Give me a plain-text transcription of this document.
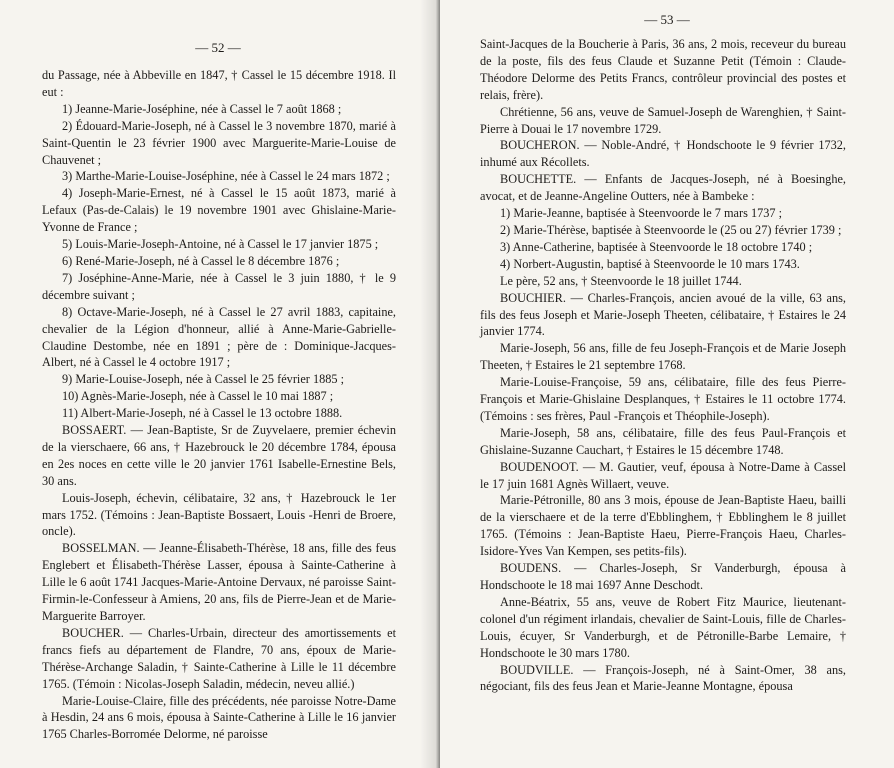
— 52 —

du Passage, née à Abbeville en 1847, † Cassel le 15 décembre 1918. Il eut :

1) Jeanne-Marie-Joséphine, née à Cassel le 7 août 1868 ;

2) Édouard-Marie-Joseph, né à Cassel le 3 novembre 1870, marié à Saint-Quentin le 23 février 1900 avec Marguerite-Marie-Louise de Chauvenet ;

3) Marthe-Marie-Louise-Joséphine, née à Cassel le 24 mars 1872 ;

4) Joseph-Marie-Ernest, né à Cassel le 15 août 1873, marié à Lefaux (Pas-de-Calais) le 19 novembre 1901 avec Ghislaine-Marie-Yvonne de France ;

5) Louis-Marie-Joseph-Antoine, né à Cassel le 17 janvier 1875 ;

6) René-Marie-Joseph, né à Cassel le 8 décembre 1876 ;

7) Joséphine-Anne-Marie, née à Cassel le 3 juin 1880, † le 9 décembre suivant ;

8) Octave-Marie-Joseph, né à Cassel le 27 avril 1883, capitaine, chevalier de la Légion d'honneur, allié à Anne-Marie-Gabrielle-Claudine Destombe, née en 1891 ; père de : Dominique-Jacques-Albert, né à Cassel le 4 octobre 1917 ;

9) Marie-Louise-Joseph, née à Cassel le 25 février 1885 ;

10) Agnès-Marie-Joseph, née à Cassel le 10 mai 1887 ;

11) Albert-Marie-Joseph, né à Cassel le 13 octobre 1888.

BOSSAERT. — Jean-Baptiste, Sr de Zuyvelaere, premier échevin de la vierschaere, 66 ans, † Hazebrouck le 20 décembre 1784, épousa en 2es noces en cette ville le 20 janvier 1761 Isabelle-Ernestine Bels, 30 ans.

Louis-Joseph, échevin, célibataire, 32 ans, † Hazebrouck le 1er mars 1752. (Témoins : Jean-Baptiste Bossaert, Louis -Henri de Broere, oncle).

BOSSELMAN. — Jeanne-Élisabeth-Thérèse, 18 ans, fille des feus Englebert et Élisabeth-Thérèse Lasser, épousa à Sainte-Catherine à Lille le 6 août 1741 Jacques-Marie-Antoine Dervaux, né paroisse Saint-Firmin-le-Confesseur à Amiens, 20 ans, fils de Pierre-Jean et de Marie-Marguerite Barroyer.

BOUCHER. — Charles-Urbain, directeur des amortissements et francs fiefs au département de Flandre, 70 ans, époux de Marie-Thérèse-Archange Saladin, † Sainte-Catherine à Lille le 11 décembre 1765. (Témoin : Nicolas-Joseph Saladin, médecin, neveu allié.)

Marie-Louise-Claire, fille des précédents, née paroisse Notre-Dame à Hesdin, 24 ans 6 mois, épousa à Sainte-Catherine à Lille le 16 janvier 1765 Charles-Borromée Delorme, né paroisse

— 53 —

Saint-Jacques de la Boucherie à Paris, 36 ans, 2 mois, receveur du bureau de la poste, fils des feus Claude et Suzanne Petit (Témoin : Claude-Théodore Delorme des Petits Francs, contrôleur provincial des postes et relais, frère).

Chrétienne, 56 ans, veuve de Samuel-Joseph de Warenghien, † Saint-Pierre à Douai le 17 novembre 1729.

BOUCHERON. — Noble-André, † Hondschoote le 9 février 1732, inhumé aux Récollets.

BOUCHETTE. — Enfants de Jacques-Joseph, né à Boesinghe, avocat, et de Jeanne-Angeline Outters, née à Bambeke :

1) Marie-Jeanne, baptisée à Steenvoorde le 7 mars 1737 ;

2) Marie-Thérèse, baptisée à Steenvoorde le (25 ou 27) février 1739 ;

3) Anne-Catherine, baptisée à Steenvoorde le 18 octobre 1740 ;

4) Norbert-Augustin, baptisé à Steenvoorde le 10 mars 1743.

Le père, 52 ans, † Steenvoorde le 18 juillet 1744.

BOUCHIER. — Charles-François, ancien avoué de la ville, 63 ans, fils des feus Joseph et Marie-Joseph Theeten, célibataire, † Estaires le 24 janvier 1774.

Marie-Joseph, 56 ans, fille de feu Joseph-François et de Marie Joseph Theeten, † Estaires le 21 septembre 1768.

Marie-Louise-Françoise, 59 ans, célibataire, fille des feus Pierre-François et Marie-Ghislaine Desplanques, † Estaires le 11 octobre 1774. (Témoins : ses frères, Paul -François et Théophile-Joseph).

Marie-Joseph, 58 ans, célibataire, fille des feus Paul-François et Ghislaine-Suzanne Cauchart, † Estaires le 15 décembre 1748.

BOUDENOOT. — M. Gautier, veuf, épousa à Notre-Dame à Cassel le 17 juin 1681 Agnès Willaert, veuve.

Marie-Pétronille, 80 ans 3 mois, épouse de Jean-Baptiste Haeu, bailli de la vierschaere et de la terre d'Ebblinghem, † Ebblinghem le 8 juillet 1765. (Témoins : Jean-Baptiste Haeu, Pierre-François Haeu, Charles-Isidore-Yves Van Kempen, ses petits-fils).

BOUDENS. — Charles-Joseph, Sr Vanderburgh, épousa à Hondschoote le 18 mai 1697 Anne Deschodt.

Anne-Béatrix, 55 ans, veuve de Robert Fitz Maurice, lieutenant-colonel d'un régiment irlandais, chevalier de Saint-Louis, fille de Charles-Louis, écuyer, Sr Vanderburgh, et de Pétronille-Barbe Lemaire, † Hondschoote le 30 mars 1780.

BOUDVILLE. — François-Joseph, né à Saint-Omer, 38 ans, négociant, fils des feus Jean et Marie-Jeanne Montagne, épousa
